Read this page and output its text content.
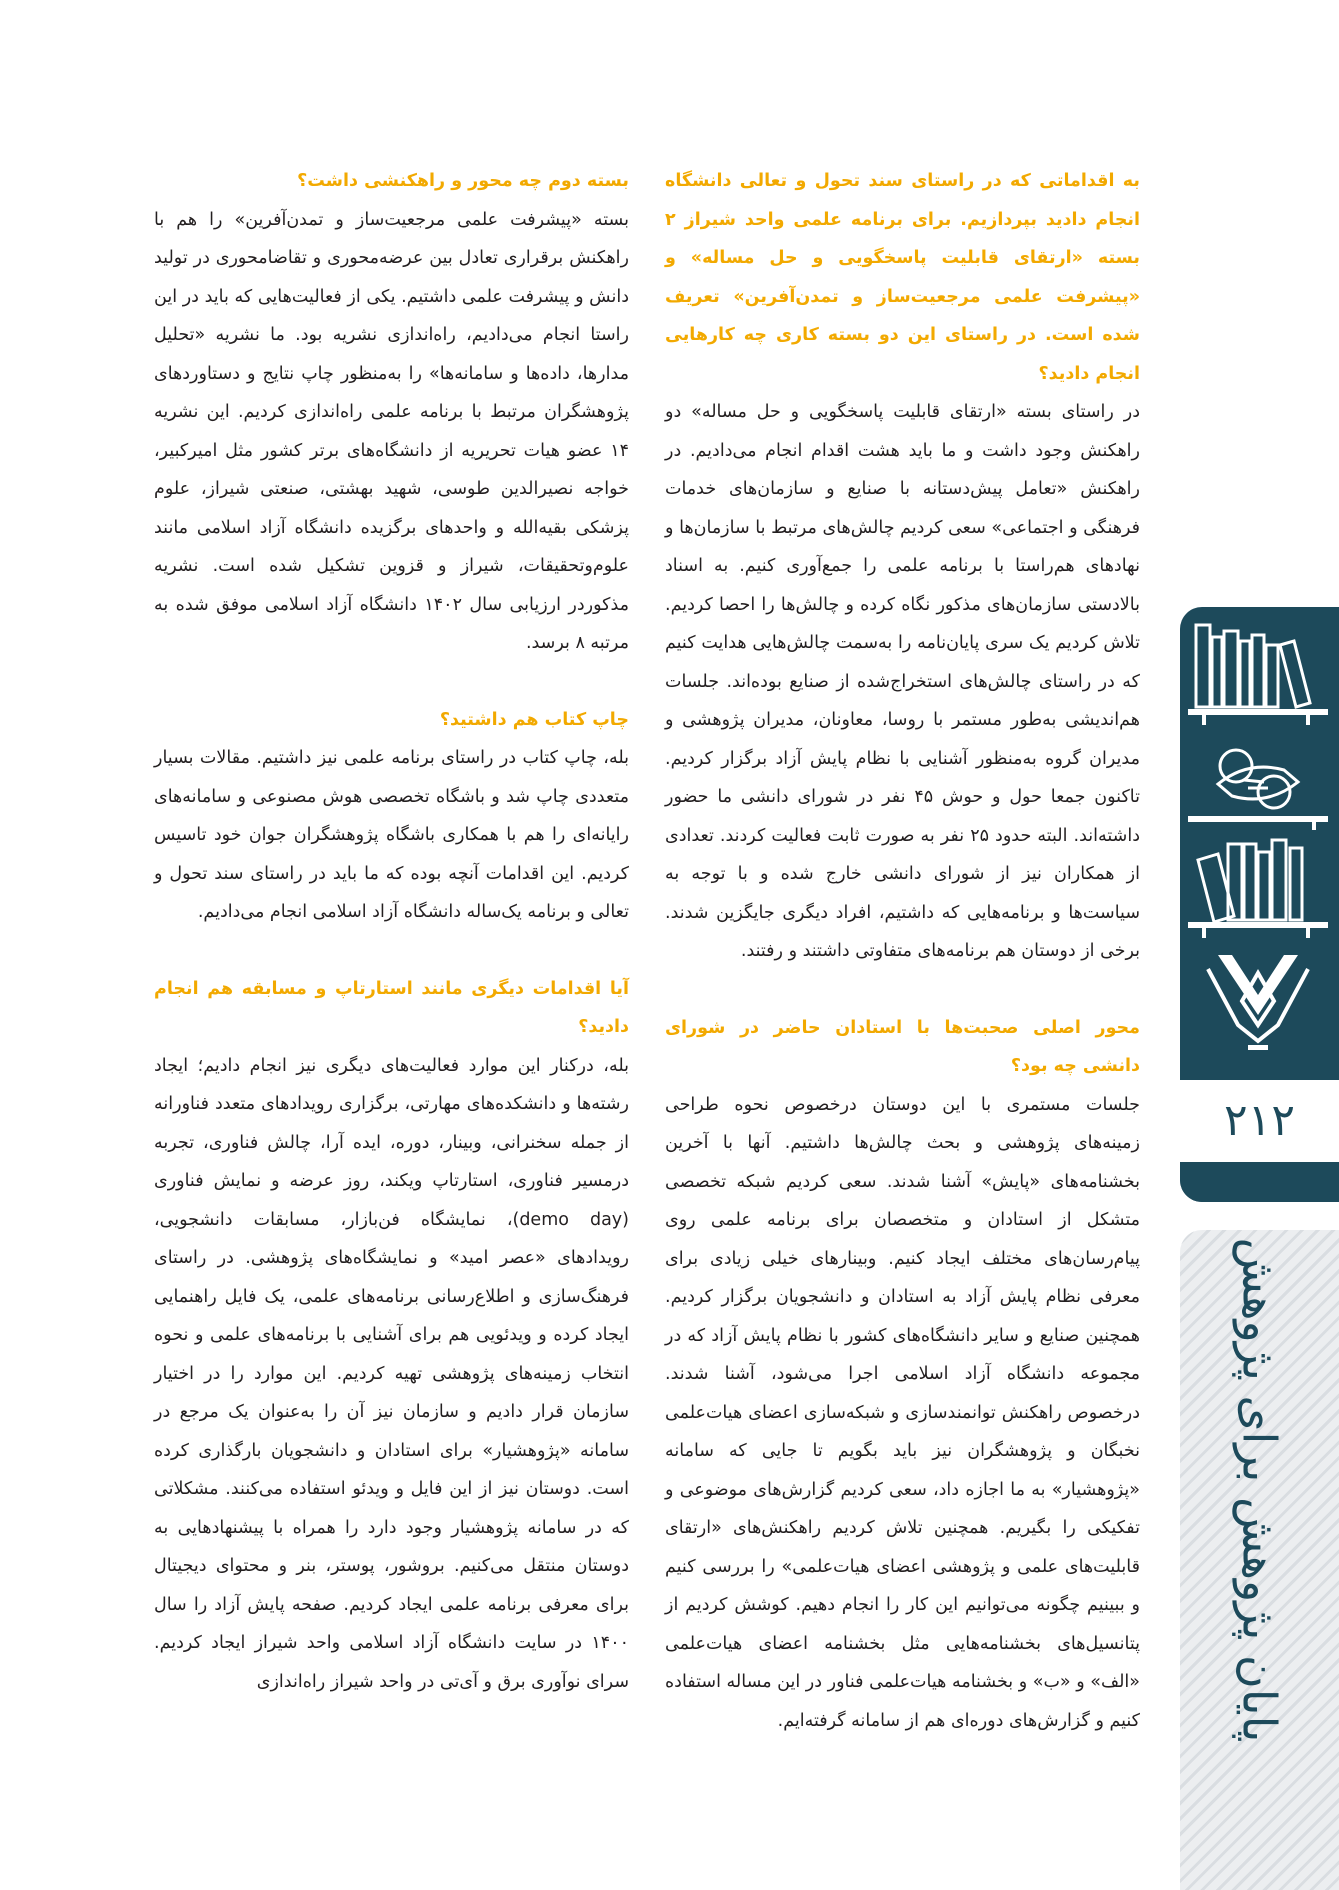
به اقداماتی که در راستای سند تحول و تعالی دانشگاه انجام دادید بپردازیم. برای برنامه علمی واحد شیراز ۲ بسته «ارتقای قابلیت پاسخگویی و حل مساله» و «پیشرفت علمی مرجعیت‌ساز و تمدن‌آفرین» تعریف شده است. در راستای این دو بسته کاری چه کارهایی انجام دادید؟

در راستای بسته «ارتقای قابلیت پاسخگویی و حل مساله» دو راهکنش وجود داشت و ما باید هشت اقدام انجام می‌دادیم. در راهکنش «تعامل پیش‌دستانه با صنایع و سازمان‌های خدمات فرهنگی و اجتماعی» سعی کردیم چالش‌های مرتبط با سازمان‌ها و نهادهای هم‌راستا با برنامه علمی را جمع‌آوری کنیم. به اسناد بالادستی سازمان‌های مذکور نگاه کرده و چالش‌ها را احصا کردیم. تلاش کردیم یک سری پایان‌نامه را به‌سمت چالش‌هایی هدایت کنیم که در راستای چالش‌های استخراج‌شده از صنایع بوده‌اند. جلسات هم‌اندیشی به‌طور مستمر با روسا، معاونان، مدیران پژوهشی و مدیران گروه به‌منظور آشنایی با نظام پایش آزاد برگزار کردیم. تاکنون جمعا حول و حوش ۴۵ نفر در شورای دانشی ما حضور داشته‌اند. البته حدود ۲۵ نفر به صورت ثابت فعالیت کردند. تعدادی از همکاران نیز از شورای دانشی خارج شده و با توجه به سیاست‌ها و برنامه‌هایی که داشتیم، افراد دیگری جایگزین شدند. برخی از دوستان هم برنامه‌های متفاوتی داشتند و رفتند.

محور اصلی صحبت‌ها با استادان حاضر در شورای دانشی چه بود؟

جلسات مستمری با این دوستان درخصوص نحوه طراحی زمینه‌های پژوهشی و بحث چالش‌ها داشتیم. آنها با آخرین بخشنامه‌های «پایش» آشنا شدند. سعی کردیم شبکه تخصصی متشکل از استادان و متخصصان برای برنامه علمی روی پیام‌رسان‌های مختلف ایجاد کنیم. وبینارهای خیلی زیادی برای معرفی نظام پایش آزاد به استادان و دانشجویان برگزار کردیم. همچنین صنایع و سایر دانشگاه‌های کشور با نظام پایش آزاد که در مجموعه دانشگاه آزاد اسلامی اجرا می‌شود، آشنا شدند. درخصوص راهکنش توانمندسازی و شبکه‌سازی اعضای هیات‌علمی نخبگان و پژوهشگران نیز باید بگویم تا جایی که سامانه «پژوهشیار» به ما اجازه داد، سعی کردیم گزارش‌های موضوعی و تفکیکی را بگیریم. همچنین تلاش کردیم راهکنش‌های «ارتقای قابلیت‌های علمی و پژوهشی اعضای هیات‌علمی» را بررسی کنیم و ببینیم چگونه می‌توانیم این کار را انجام دهیم. کوشش کردیم از پتانسیل‌های بخشنامه‌هایی مثل بخشنامه اعضای هیات‌علمی «الف» و «ب» و بخشنامه هیات‌علمی فناور در این مساله استفاده کنیم و گزارش‌های دوره‌ای هم از سامانه گرفته‌ایم.

بسته دوم چه محور و راهکنشی داشت؟

بسته «پیشرفت علمی مرجعیت‌ساز و تمدن‌آفرین» را هم با راهکنش برقراری تعادل بین عرضه‌محوری و تقاضامحوری در تولید دانش و پیشرفت علمی داشتیم. یکی از فعالیت‌هایی که باید در این راستا انجام می‌دادیم، راه‌اندازی نشریه بود. ما نشریه «تحلیل مدارها، داده‌ها و سامانه‌ها» را به‌منظور چاپ نتایج و دستاوردهای پژوهشگران مرتبط با برنامه علمی راه‌اندازی کردیم. این نشریه ۱۴ عضو هیات تحریریه از دانشگاه‌های برتر کشور مثل امیرکبیر، خواجه نصیرالدین طوسی، شهید بهشتی، صنعتی شیراز، علوم پزشکی بقیه‌الله و واحدهای برگزیده دانشگاه آزاد اسلامی مانند علوم‌وتحقیقات، شیراز و قزوین تشکیل شده است. نشریه مذکوردر ارزیابی سال ۱۴۰۲ دانشگاه آزاد اسلامی موفق شده به مرتبه ۸ برسد.

چاپ کتاب هم داشتید؟

بله، چاپ کتاب در راستای برنامه علمی نیز داشتیم. مقالات بسیار متعددی چاپ شد و باشگاه تخصصی هوش مصنوعی و سامانه‌های رایانه‌ای را هم با همکاری باشگاه پژوهشگران جوان خود تاسیس کردیم. این اقدامات آنچه بوده که ما باید در راستای سند تحول و تعالی و برنامه یک‌ساله دانشگاه آزاد اسلامی انجام می‌دادیم.

آیا اقدامات دیگری مانند استارتاپ و مسابقه هم انجام دادید؟

بله، درکنار این موارد فعالیت‌های دیگری نیز انجام دادیم؛ ایجاد رشته‌ها و دانشکده‌های مهارتی، برگزاری رویدادهای متعدد فناورانه از جمله سخنرانی، وبینار، دوره، ایده آرا، چالش فناوری، تجربه درمسیر فناوری، استارتاپ ویکند، روز عرضه و نمایش فناوری (demo day)، نمایشگاه فن‌بازار، مسابقات دانشجویی، رویدادهای «عصر امید» و نمایشگاه‌های پژوهشی. در راستای فرهنگ‌سازی و اطلاع‌رسانی برنامه‌های علمی، یک فایل راهنمایی ایجاد کرده و ویدئویی هم برای آشنایی با برنامه‌های علمی و نحوه انتخاب زمینه‌های پژوهشی تهیه کردیم. این موارد را در اختیار سازمان قرار دادیم و سازمان نیز آن را به‌عنوان یک مرجع در سامانه «پژوهشیار» برای استادان و دانشجویان بارگذاری کرده است. دوستان نیز از این فایل و ویدئو استفاده می‌کنند. مشکلاتی که در سامانه پژوهشیار وجود دارد را همراه با پیشنهادهایی به دوستان منتقل می‌کنیم. بروشور، پوستر، بنر و محتوای دیجیتال برای معرفی برنامه علمی ایجاد کردیم. صفحه پایش آزاد را سال ۱۴۰۰ در سایت دانشگاه آزاد اسلامی واحد شیراز ایجاد کردیم. سرای نوآوری برق و آی‌تی در واحد شیراز راه‌اندازی

۲۱۲
پایان پژوهش برای پژوهش
